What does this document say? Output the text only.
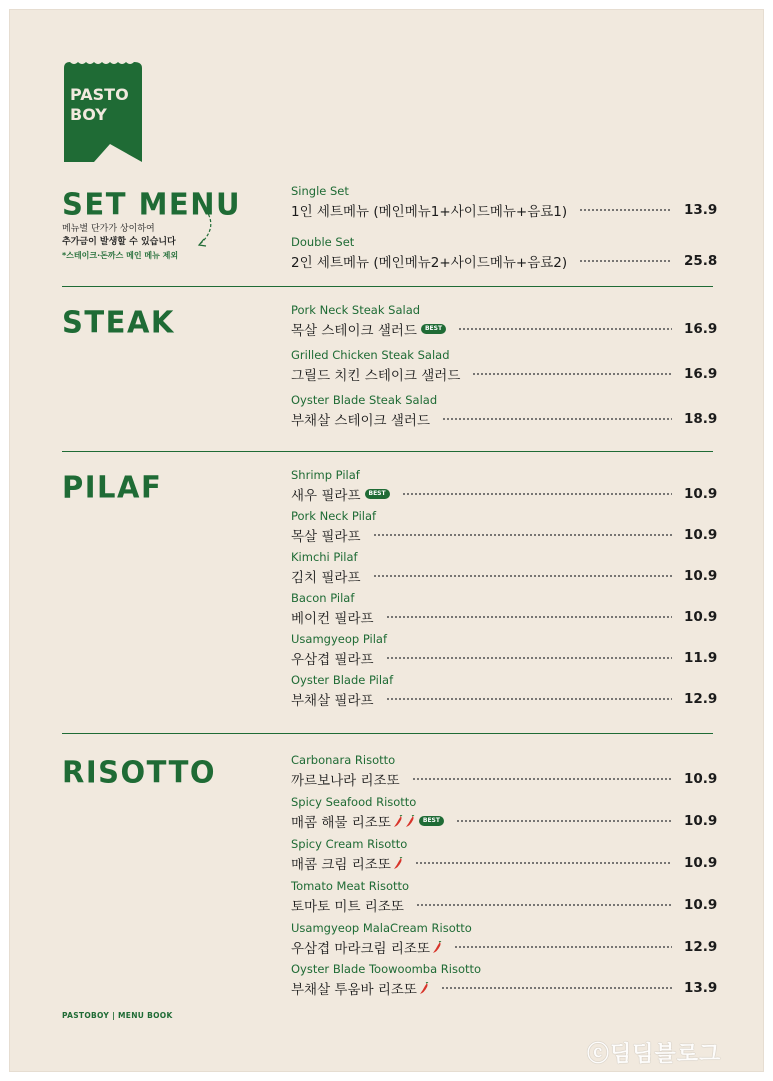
PASTO
BOY
SET MENU
메뉴별 단가가 상이하여
추가금이 발생할 수 있습니다
*스테이크·돈까스 메인 메뉴 제외
Single Set
1인 세트메뉴 (메인메뉴1+사이드메뉴+음료1)	13.9
Double Set
2인 세트메뉴 (메인메뉴2+사이드메뉴+음료2)	25.8
STEAK	Pork Neck Steak Salad
목살 스테이크 샐러드	BEST	16.9
Grilled Chicken Steak Salad
그릴드 치킨 스테이크 샐러드	16.9
Oyster Blade Steak Salad
부채살 스테이크 샐러드	18.9
PILAF	Shrimp Pilaf
새우 필라프	BEST	10.9
Pork Neck Pilaf
목살 필라프	10.9
Kimchi Pilaf
김치 필라프	10.9
Bacon Pilaf
베이컨 필라프	10.9
Usamgyeop Pilaf
우삼겹 필라프	11.9
Oyster Blade Pilaf
부채살 필라프	12.9
RISOTTO	Carbonara Risotto
까르보나라 리조또	10.9
Spicy Seafood Risotto
매콤 해물 리조또	BEST	10.9
Spicy Cream Risotto
매콤 크림 리조또	10.9
Tomato Meat Risotto
토마토 미트 리조또	10.9
Usamgyeop MalaCream Risotto
우삼겹 마라크림 리조또	12.9
Oyster Blade Toowoomba Risotto
부채살 투움바 리조또	13.9
PASTOBOY | MENU BOOK
ⓒ딤딤블로그
